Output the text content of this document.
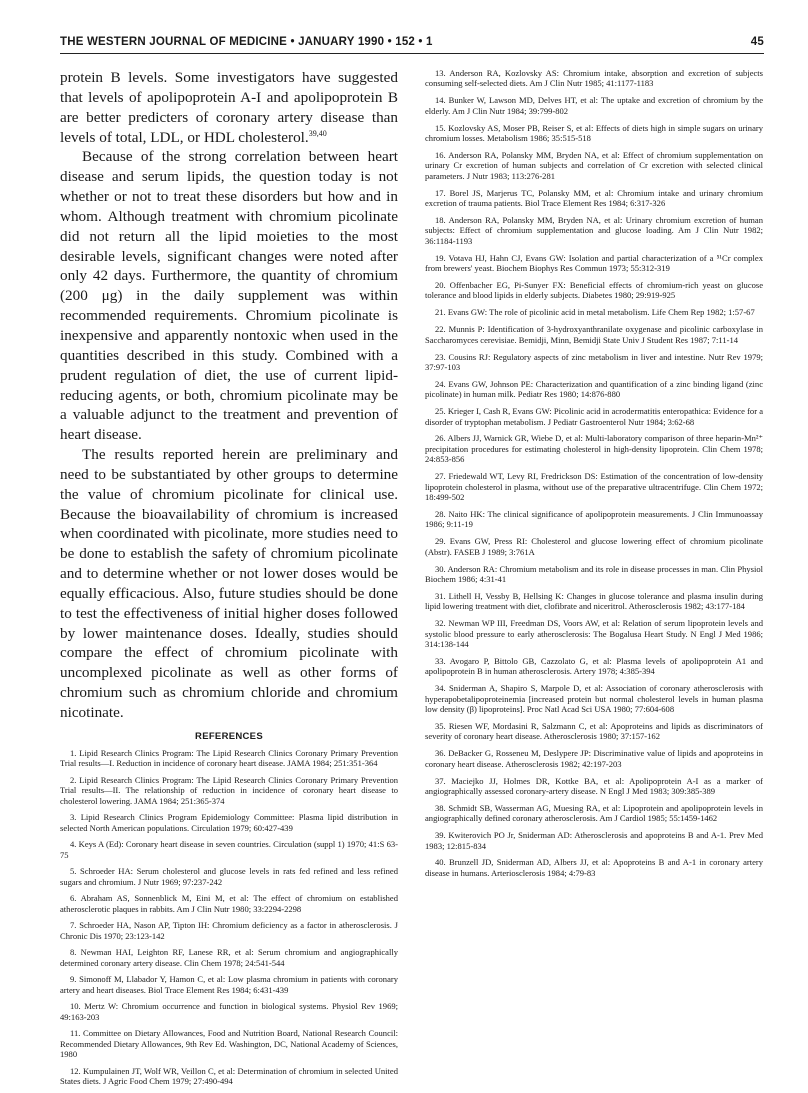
THE WESTERN JOURNAL OF MEDICINE • JANUARY 1990 • 152 • 1	45

protein B levels. Some investigators have suggested that levels of apolipoprotein A-I and apolipoprotein B are better predicters of coronary artery disease than levels of total, LDL, or HDL cholesterol.$^{39,40}$

Because of the strong correlation between heart disease and serum lipids, the question today is not whether or not to treat these disorders but how and in whom. Although treatment with chromium picolinate did not return all the lipid moieties to the most desirable levels, significant changes were noted after only 42 days. Furthermore, the quantity of chromium (200 μg) in the daily supplement was within recommended requirements. Chromium picolinate is inexpensive and apparently nontoxic when used in the quantities described in this study. Combined with a prudent regulation of diet, the use of current lipid-reducing agents, or both, chromium picolinate may be a valuable adjunct to the treatment and prevention of heart disease.

The results reported herein are preliminary and need to be substantiated by other groups to determine the value of chromium picolinate for clinical use. Because the bioavailability of chromium is increased when coordinated with picolinate, more studies need to be done to establish the safety of chromium picolinate and to determine whether or not lower doses would be equally efficacious. Also, future studies should be done to test the effectiveness of initial higher doses followed by lower maintenance doses. Ideally, studies should compare the effect of chromium picolinate with uncomplexed picolinate as well as other forms of chromium such as chromium chloride and chromium nicotinate.

REFERENCES

1. Lipid Research Clinics Program: The Lipid Research Clinics Coronary Primary Prevention Trial results—I. Reduction in incidence of coronary heart disease. JAMA 1984; 251:351-364

2. Lipid Research Clinics Program: The Lipid Research Clinics Coronary Primary Prevention Trial results—II. The relationship of reduction in incidence of coronary heart disease to cholesterol lowering. JAMA 1984; 251:365-374

3. Lipid Research Clinics Program Epidemiology Committee: Plasma lipid distribution in selected North American populations. Circulation 1979; 60:427-439

4. Keys A (Ed): Coronary heart disease in seven countries. Circulation (suppl 1) 1970; 41:S 63-75

5. Schroeder HA: Serum cholesterol and glucose levels in rats fed refined and less refined sugars and chromium. J Nutr 1969; 97:237-242

6. Abraham AS, Sonnenblick M, Eini M, et al: The effect of chromium on established atherosclerotic plaques in rabbits. Am J Clin Nutr 1980; 33:2294-2298

7. Schroeder HA, Nason AP, Tipton IH: Chromium deficiency as a factor in atherosclerosis. J Chronic Dis 1970; 23:123-142

8. Newman HAI, Leighton RF, Lanese RR, et al: Serum chromium and angiographically determined coronary artery disease. Clin Chem 1978; 24:541-544

9. Simonoff M, Llabador Y, Hamon C, et al: Low plasma chromium in patients with coronary artery and heart diseases. Biol Trace Element Res 1984; 6:431-439

10. Mertz W: Chromium occurrence and function in biological systems. Physiol Rev 1969; 49:163-203

11. Committee on Dietary Allowances, Food and Nutrition Board, National Research Council: Recommended Dietary Allowances, 9th Rev Ed. Washington, DC, National Academy of Sciences, 1980

12. Kumpulainen JT, Wolf WR, Veillon C, et al: Determination of chromium in selected United States diets. J Agric Food Chem 1979; 27:490-494

13. Anderson RA, Kozlovsky AS: Chromium intake, absorption and excretion of subjects consuming self-selected diets. Am J Clin Nutr 1985; 41:1177-1183

14. Bunker W, Lawson MD, Delves HT, et al: The uptake and excretion of chromium by the elderly. Am J Clin Nutr 1984; 39:799-802

15. Kozlovsky AS, Moser PB, Reiser S, et al: Effects of diets high in simple sugars on urinary chromium losses. Metabolism 1986; 35:515-518

16. Anderson RA, Polansky MM, Bryden NA, et al: Effect of chromium supplementation on urinary Cr excretion of human subjects and correlation of Cr excretion with selected clinical parameters. J Nutr 1983; 113:276-281

17. Borel JS, Marjerus TC, Polansky MM, et al: Chromium intake and urinary chromium excretion of trauma patients. Biol Trace Element Res 1984; 6:317-326

18. Anderson RA, Polansky MM, Bryden NA, et al: Urinary chromium excretion of human subjects: Effect of chromium supplementation and glucose loading. Am J Clin Nutr 1982; 36:1184-1193

19. Votava HJ, Hahn CJ, Evans GW: Isolation and partial characterization of a ⁵¹Cr complex from brewers' yeast. Biochem Biophys Res Commun 1973; 55:312-319

20. Offenbacher EG, Pi-Sunyer FX: Beneficial effects of chromium-rich yeast on glucose tolerance and blood lipids in elderly subjects. Diabetes 1980; 29:919-925

21. Evans GW: The role of picolinic acid in metal metabolism. Life Chem Rep 1982; 1:57-67

22. Munnis P: Identification of 3-hydroxyanthranilate oxygenase and picolinic carboxylase in Saccharomyces cerevisiae. Bemidji, Minn, Bemidji State Univ J Student Res 1987; 7:11-14

23. Cousins RJ: Regulatory aspects of zinc metabolism in liver and intestine. Nutr Rev 1979; 37:97-103

24. Evans GW, Johnson PE: Characterization and quantification of a zinc binding ligand (zinc picolinate) in human milk. Pediatr Res 1980; 14:876-880

25. Krieger I, Cash R, Evans GW: Picolinic acid in acrodermatitis enteropathica: Evidence for a disorder of tryptophan metabolism. J Pediatr Gastroenterol Nutr 1984; 3:62-68

26. Albers JJ, Warnick GR, Wiebe D, et al: Multi-laboratory comparison of three heparin-Mn²⁺ precipitation procedures for estimating cholesterol in high-density lipoprotein. Clin Chem 1978; 24:853-856

27. Friedewald WT, Levy RI, Fredrickson DS: Estimation of the concentration of low-density lipoprotein cholesterol in plasma, without use of the preparative ultracentrifuge. Clin Chem 1972; 18:499-502

28. Naito HK: The clinical significance of apolipoprotein measurements. J Clin Immunoassay 1986; 9:11-19

29. Evans GW, Press RI: Cholesterol and glucose lowering effect of chromium picolinate (Abstr). FASEB J 1989; 3:761A

30. Anderson RA: Chromium metabolism and its role in disease processes in man. Clin Physiol Biochem 1986; 4:31-41

31. Lithell H, Vessby B, Hellsing K: Changes in glucose tolerance and plasma insulin during lipid lowering treatment with diet, clofibrate and niceritrol. Atherosclerosis 1982; 43:177-184

32. Newman WP III, Freedman DS, Voors AW, et al: Relation of serum lipoprotein levels and systolic blood pressure to early atherosclerosis: The Bogalusa Heart Study. N Engl J Med 1986; 314:138-144

33. Avogaro P, Bittolo GB, Cazzolato G, et al: Plasma levels of apolipoprotein A1 and apolipoprotein B in human atherosclerosis. Artery 1978; 4:385-394

34. Sniderman A, Shapiro S, Marpole D, et al: Association of coronary atherosclerosis with hyperapobetalipoproteinemia [increased protein but normal cholesterol levels in human plasma low density (β) lipoproteins]. Proc Natl Acad Sci USA 1980; 77:604-608

35. Riesen WF, Mordasini R, Salzmann C, et al: Apoproteins and lipids as discriminators of severity of coronary heart disease. Atherosclerosis 1980; 37:157-162

36. DeBacker G, Rosseneu M, Deslypere JP: Discriminative value of lipids and apoproteins in coronary heart disease. Atherosclerosis 1982; 42:197-203

37. Maciejko JJ, Holmes DR, Kottke BA, et al: Apolipoprotein A-I as a marker of angiographically assessed coronary-artery disease. N Engl J Med 1983; 309:385-389

38. Schmidt SB, Wasserman AG, Muesing RA, et al: Lipoprotein and apolipoprotein levels in angiographically defined coronary atherosclerosis. Am J Cardiol 1985; 55:1459-1462

39. Kwiterovich PO Jr, Sniderman AD: Atherosclerosis and apoproteins B and A-1. Prev Med 1983; 12:815-834

40. Brunzell JD, Sniderman AD, Albers JJ, et al: Apoproteins B and A-1 in coronary artery disease in humans. Arteriosclerosis 1984; 4:79-83
